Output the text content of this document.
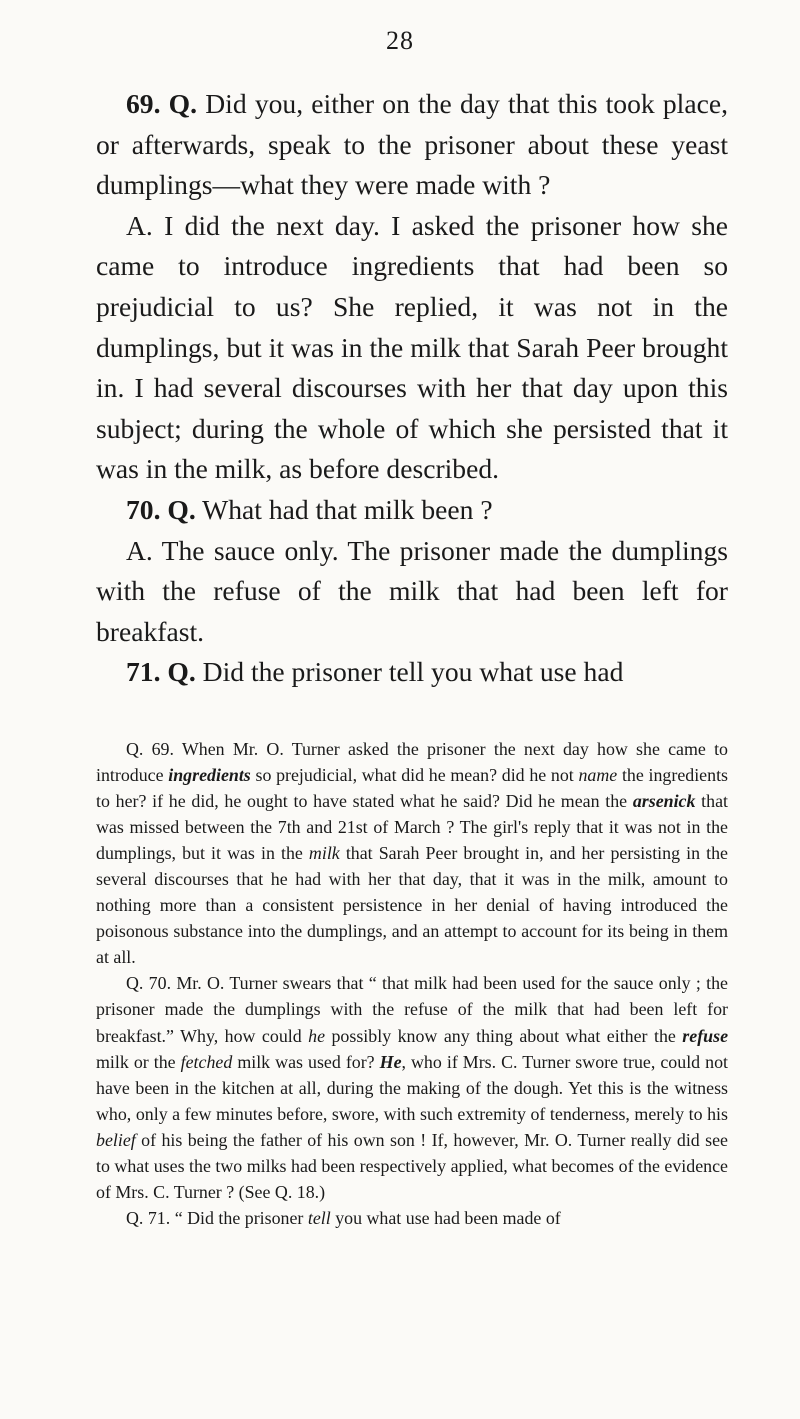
28

69. Q. Did you, either on the day that this took place, or afterwards, speak to the prisoner about these yeast dumplings—what they were made with ?

A. I did the next day. I asked the prisoner how she came to introduce ingredients that had been so prejudicial to us? She replied, it was not in the dumplings, but it was in the milk that Sarah Peer brought in. I had several discourses with her that day upon this subject; during the whole of which she persisted that it was in the milk, as before described.

70. Q. What had that milk been ?

A. The sauce only. The prisoner made the dumplings with the refuse of the milk that had been left for breakfast.

71. Q. Did the prisoner tell you what use had

Q. 69. When Mr. O. Turner asked the prisoner the next day how she came to introduce ingredients so prejudicial, what did he mean? did he not name the ingredients to her? if he did, he ought to have stated what he said? Did he mean the arsenick that was missed between the 7th and 21st of March ? The girl's reply that it was not in the dumplings, but it was in the milk that Sarah Peer brought in, and her persisting in the several discourses that he had with her that day, that it was in the milk, amount to nothing more than a consistent persistence in her denial of having introduced the poisonous substance into the dumplings, and an attempt to account for its being in them at all.

Q. 70. Mr. O. Turner swears that “ that milk had been used for the sauce only ; the prisoner made the dumplings with the refuse of the milk that had been left for breakfast.” Why, how could he possibly know any thing about what either the refuse milk or the fetched milk was used for? He, who if Mrs. C. Turner swore true, could not have been in the kitchen at all, during the making of the dough. Yet this is the witness who, only a few minutes before, swore, with such extremity of tenderness, merely to his belief of his being the father of his own son ! If, however, Mr. O. Turner really did see to what uses the two milks had been respectively applied, what becomes of the evidence of Mrs. C. Turner ? (See Q. 18.)

Q. 71. “ Did the prisoner tell you what use had been made of
